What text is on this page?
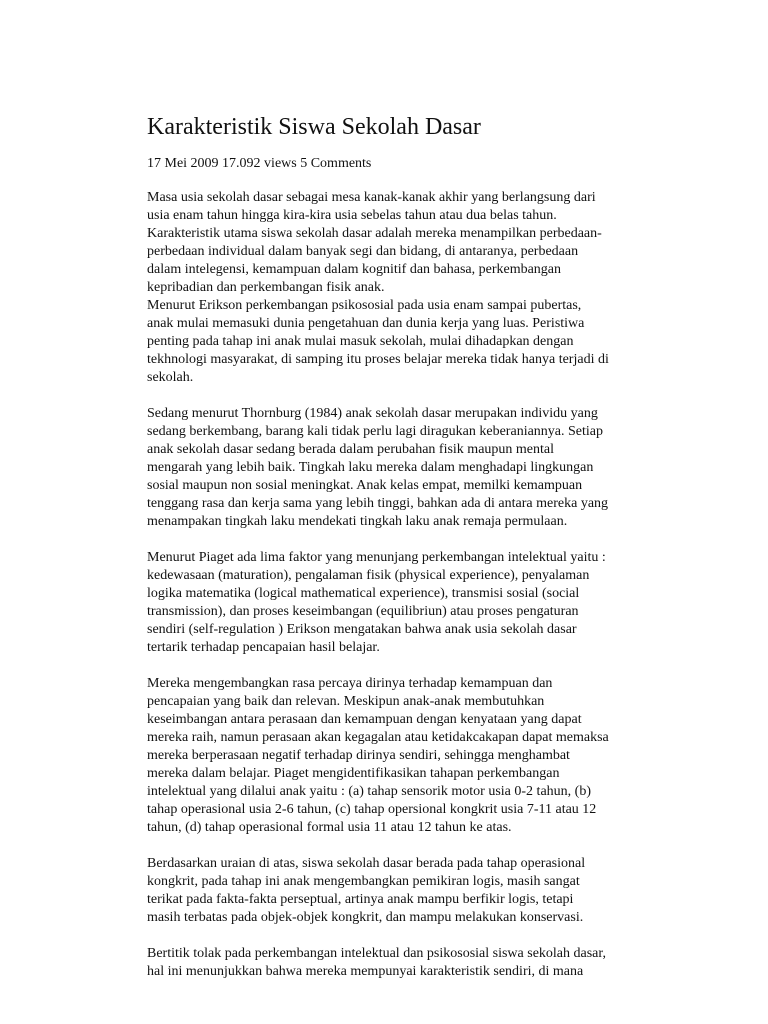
Karakteristik Siswa Sekolah Dasar
17 Mei 2009 17.092 views 5 Comments

Masa usia sekolah dasar sebagai mesa kanak-kanak akhir yang berlangsung dari
usia enam tahun hingga kira-kira usia sebelas tahun atau dua belas tahun.
Karakteristik utama siswa sekolah dasar adalah mereka menampilkan perbedaan-
perbedaan individual dalam banyak segi dan bidang, di antaranya, perbedaan
dalam intelegensi, kemampuan dalam kognitif dan bahasa, perkembangan
kepribadian dan perkembangan fisik anak.

Menurut Erikson perkembangan psikososial pada usia enam sampai pubertas,
anak mulai memasuki dunia pengetahuan dan dunia kerja yang luas. Peristiwa
penting pada tahap ini anak mulai masuk sekolah, mulai dihadapkan dengan
tekhnologi masyarakat, di samping itu proses belajar mereka tidak hanya terjadi di
sekolah.

Sedang menurut Thornburg (1984) anak sekolah dasar merupakan individu yang
sedang berkembang, barang kali tidak perlu lagi diragukan keberaniannya. Setiap
anak sekolah dasar sedang berada dalam perubahan fisik maupun mental
mengarah yang lebih baik. Tingkah laku mereka dalam menghadapi lingkungan
sosial maupun non sosial meningkat. Anak kelas empat, memilki kemampuan
tenggang rasa dan kerja sama yang lebih tinggi, bahkan ada di antara mereka yang
menampakan tingkah laku mendekati tingkah laku anak remaja permulaan.

Menurut Piaget ada lima faktor yang menunjang perkembangan intelektual yaitu :
kedewasaan (maturation), pengalaman fisik (physical experience), penyalaman
logika matematika (logical mathematical experience), transmisi sosial (social
transmission), dan proses keseimbangan (equilibriun) atau proses pengaturan
sendiri (self-regulation ) Erikson mengatakan bahwa anak usia sekolah dasar
tertarik terhadap pencapaian hasil belajar.

Mereka mengembangkan rasa percaya dirinya terhadap kemampuan dan
pencapaian yang baik dan relevan. Meskipun anak-anak membutuhkan
keseimbangan antara perasaan dan kemampuan dengan kenyataan yang dapat
mereka raih, namun perasaan akan kegagalan atau ketidakcakapan dapat memaksa
mereka berperasaan negatif terhadap dirinya sendiri, sehingga menghambat
mereka dalam belajar. Piaget mengidentifikasikan tahapan perkembangan
intelektual yang dilalui anak yaitu : (a) tahap sensorik motor usia 0-2 tahun, (b)
tahap operasional usia 2-6 tahun, (c) tahap opersional kongkrit usia 7-11 atau 12
tahun, (d) tahap operasional formal usia 11 atau 12 tahun ke atas.

Berdasarkan uraian di atas, siswa sekolah dasar berada pada tahap operasional
kongkrit, pada tahap ini anak mengembangkan pemikiran logis, masih sangat
terikat pada fakta-fakta perseptual, artinya anak mampu berfikir logis, tetapi
masih terbatas pada objek-objek kongkrit, dan mampu melakukan konservasi.

Bertitik tolak pada perkembangan intelektual dan psikososial siswa sekolah dasar,
hal ini menunjukkan bahwa mereka mempunyai karakteristik sendiri, di mana
